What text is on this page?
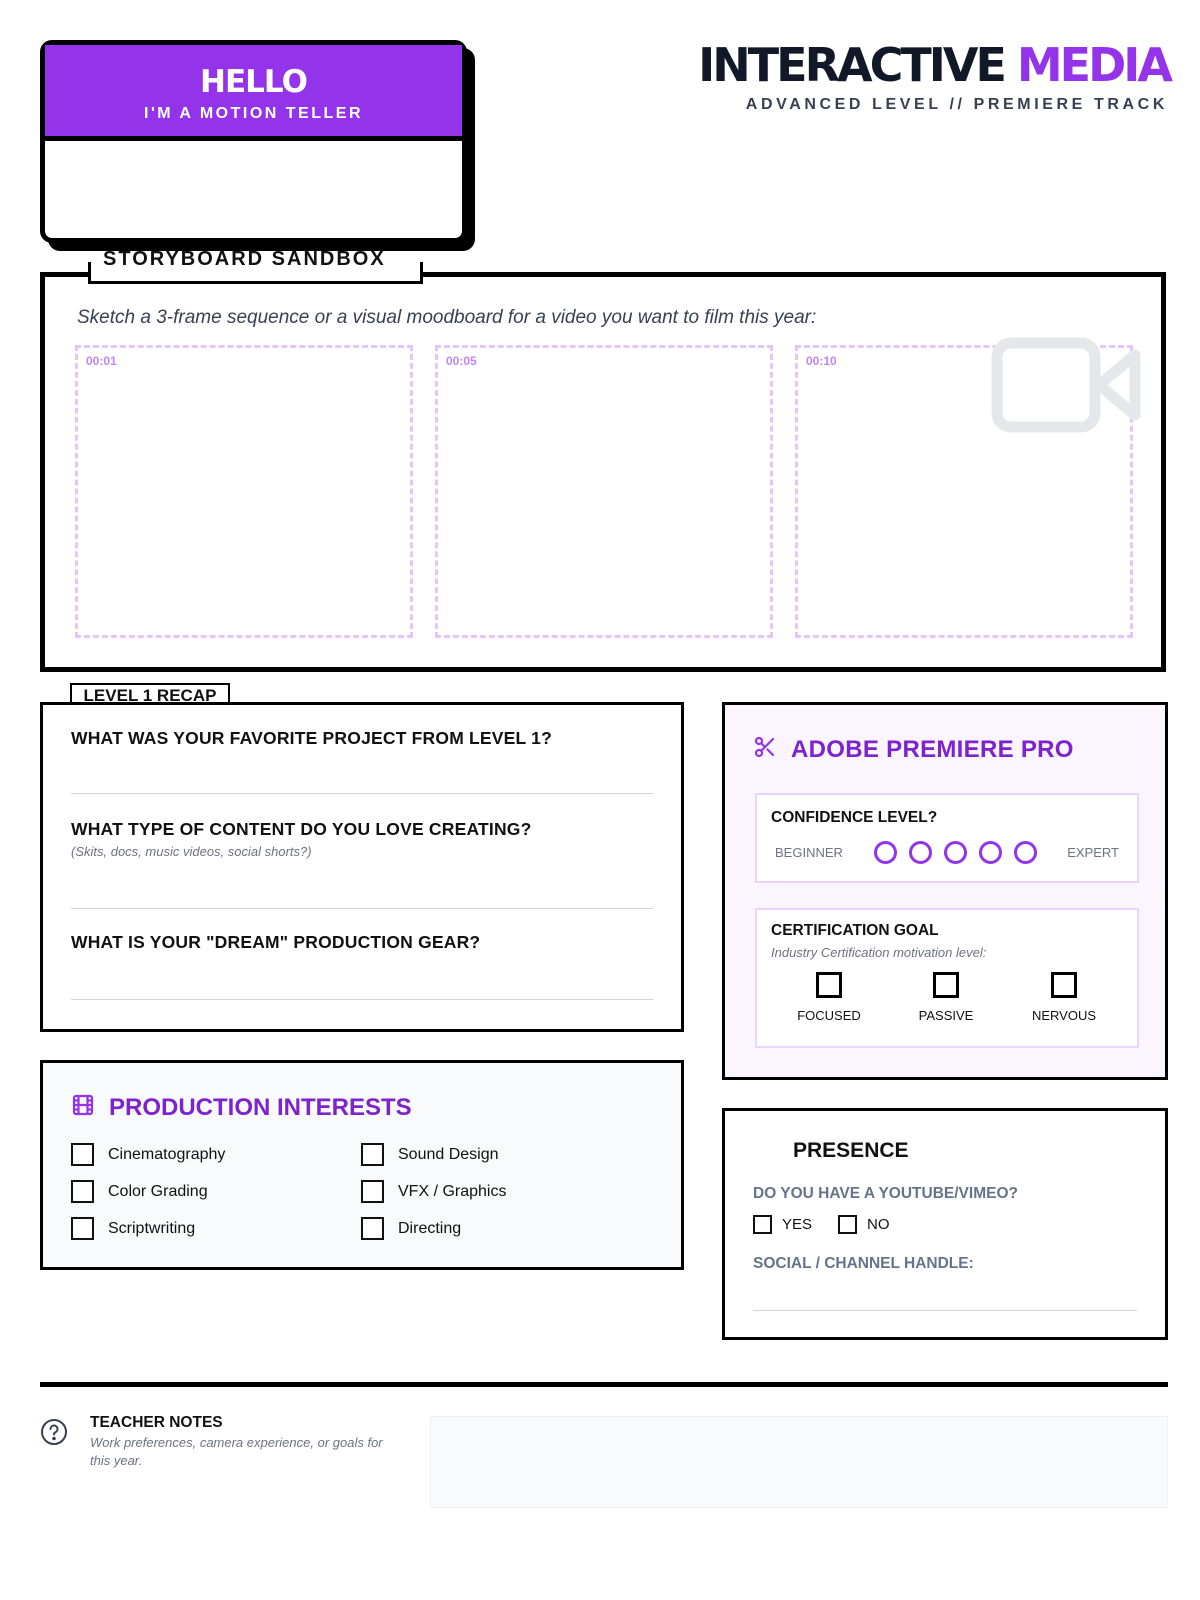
HELLO
I'M A MOTION TELLER
INTERACTIVE MEDIA
ADVANCED LEVEL // PREMIERE TRACK
Sketch a 3-frame sequence or a visual moodboard for a video you want to film this year:
00:01	00:05	00:10
STORYBOARD SANDBOX
LEVEL 1 RECAP
WHAT WAS YOUR FAVORITE PROJECT FROM LEVEL 1?
WHAT TYPE OF CONTENT DO YOU LOVE CREATING?
(Skits, docs, music videos, social shorts?)
WHAT IS YOUR "DREAM" PRODUCTION GEAR?
ADOBE PREMIERE PRO
CONFIDENCE LEVEL?
BEGINNER	EXPERT
CERTIFICATION GOAL
Industry Certification motivation level:
FOCUSED	PASSIVE	NERVOUS
PRODUCTION INTERESTS
Cinematography	Sound Design
Color Grading	VFX / Graphics
Scriptwriting	Directing
PRESENCE
DO YOU HAVE A YOUTUBE/VIMEO?
YES	NO
SOCIAL / CHANNEL HANDLE:
TEACHER NOTES
Work preferences, camera experience, or goals for this year.
